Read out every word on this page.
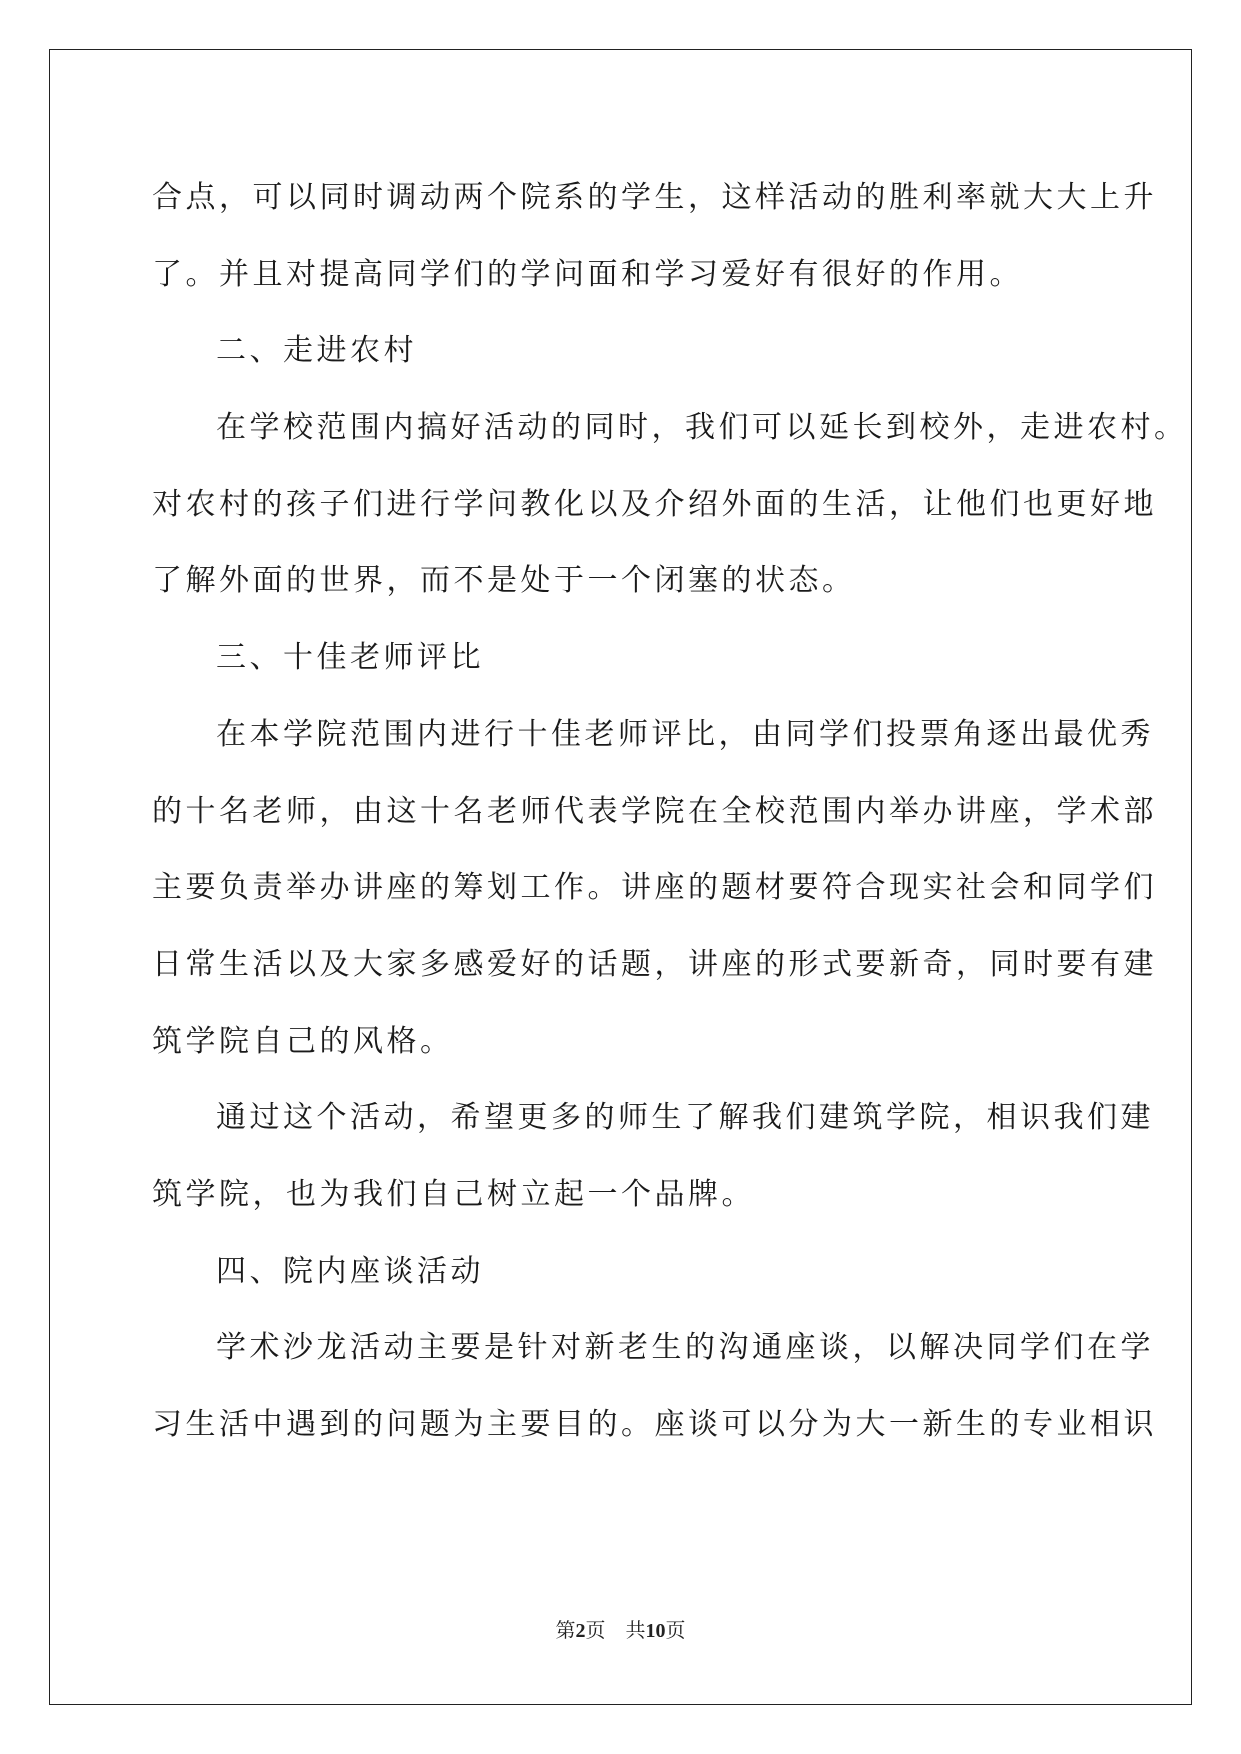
合点，可以同时调动两个院系的学生，这样活动的胜利率就大大上升
了。并且对提高同学们的学问面和学习爱好有很好的作用。
二、走进农村
在学校范围内搞好活动的同时，我们可以延长到校外，走进农村。
对农村的孩子们进行学问教化以及介绍外面的生活，让他们也更好地
了解外面的世界，而不是处于一个闭塞的状态。
三、十佳老师评比
在本学院范围内进行十佳老师评比，由同学们投票角逐出最优秀
的十名老师，由这十名老师代表学院在全校范围内举办讲座，学术部
主要负责举办讲座的筹划工作。讲座的题材要符合现实社会和同学们
日常生活以及大家多感爱好的话题，讲座的形式要新奇，同时要有建
筑学院自己的风格。
通过这个活动，希望更多的师生了解我们建筑学院，相识我们建
筑学院，也为我们自己树立起一个品牌。
四、院内座谈活动
学术沙龙活动主要是针对新老生的沟通座谈，以解决同学们在学
习生活中遇到的问题为主要目的。座谈可以分为大一新生的专业相识
第2页 共10页
